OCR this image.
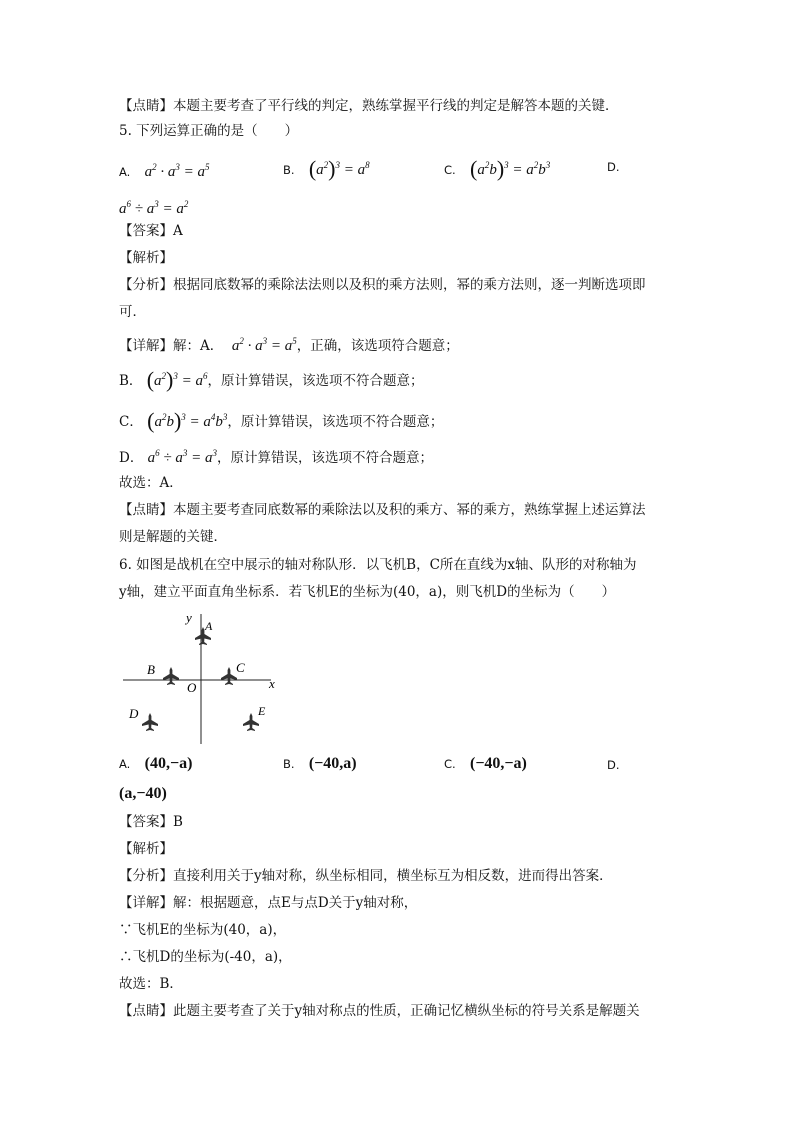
【点睛】本题主要考查了平行线的判定，熟练掌握平行线的判定是解答本题的关键．
5. 下列运算正确的是（　　）
A. $a^2 \cdot a^3 = a^5$	B. $(a^2)^3 = a^8$	C. $(a^2b)^3 = a^2b^3$	D.
$a^6 \div a^3 = a^2$
【答案】A
【解析】
【分析】根据同底数幂的乘除法法则以及积的乘方法则，幂的乘方法则，逐一判断选项即
可．
【详解】解：A． $a^2 \cdot a^3 = a^5$，正确，该选项符合题意；
B． $(a^2)^3 = a^6$，原计算错误，该选项不符合题意；
C． $(a^2b)^3 = a^4b^3$，原计算错误，该选项不符合题意；
D． $a^6 \div a^3 = a^3$，原计算错误，该选项不符合题意；
故选：A．
【点睛】本题主要考查同底数幂的乘除法以及积的乘方、幂的乘方，熟练掌握上述运算法
则是解题的关键．
6. 如图是战机在空中展示的轴对称队形．以飞机B，C所在直线为x轴、队形的对称轴为
y轴，建立平面直角坐标系．若飞机E的坐标为(40，a)，则飞机D的坐标为（　　）
y
x
O
A
B	C
D	E
A. (40,−a)	B. (−40,a)	C. (−40,−a)	D.
(a,−40)
【答案】B
【解析】
【分析】直接利用关于y轴对称，纵坐标相同，横坐标互为相反数，进而得出答案．
【详解】解：根据题意，点E与点D关于y轴对称，
∵飞机E的坐标为(40，a)，
∴飞机D的坐标为(-40，a)，
故选：B．
【点睛】此题主要考查了关于y轴对称点的性质，正确记忆横纵坐标的符号关系是解题关
